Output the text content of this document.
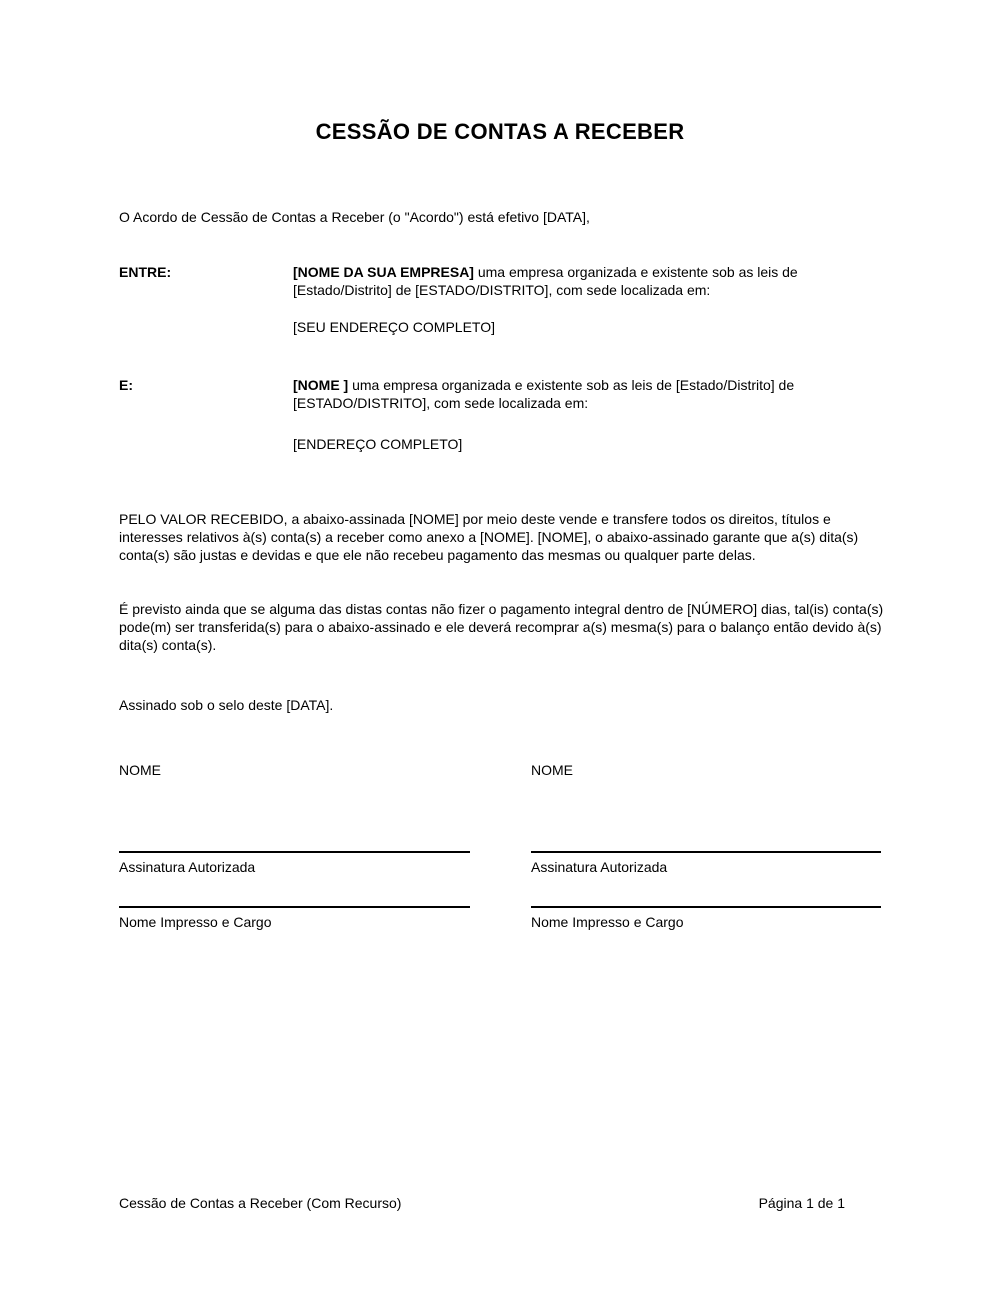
CESSÃO DE CONTAS A RECEBER
O Acordo de Cessão de Contas a Receber (o "Acordo") está efetivo [DATA],
ENTRE:	[NOME DA SUA EMPRESA] uma empresa organizada e existente sob as leis de [Estado/Distrito] de [ESTADO/DISTRITO], com sede localizada em:
[SEU ENDEREÇO COMPLETO]
E:	[NOME ] uma empresa organizada e existente sob as leis de [Estado/Distrito] de [ESTADO/DISTRITO], com sede localizada em:
[ENDEREÇO COMPLETO]
PELO VALOR RECEBIDO, a abaixo-assinada [NOME] por meio deste vende e transfere todos os direitos, títulos e interesses relativos à(s) conta(s) a receber como anexo a [NOME]. [NOME], o abaixo-assinado garante que a(s) dita(s) conta(s) são justas e devidas e que ele não recebeu pagamento das mesmas ou qualquer parte delas.
É previsto ainda que se alguma das distas contas não fizer o pagamento integral dentro de [NÚMERO] dias, tal(is) conta(s) pode(m) ser transferida(s) para o abaixo-assinado e ele deverá recomprar a(s) mesma(s) para o balanço então devido à(s) dita(s) conta(s).
Assinado sob o selo deste [DATA].
NOME	NOME
Assinatura Autorizada	Assinatura Autorizada
Nome Impresso e Cargo	Nome Impresso e Cargo
Cessão de Contas a Receber (Com Recurso)	Página 1 de 1
